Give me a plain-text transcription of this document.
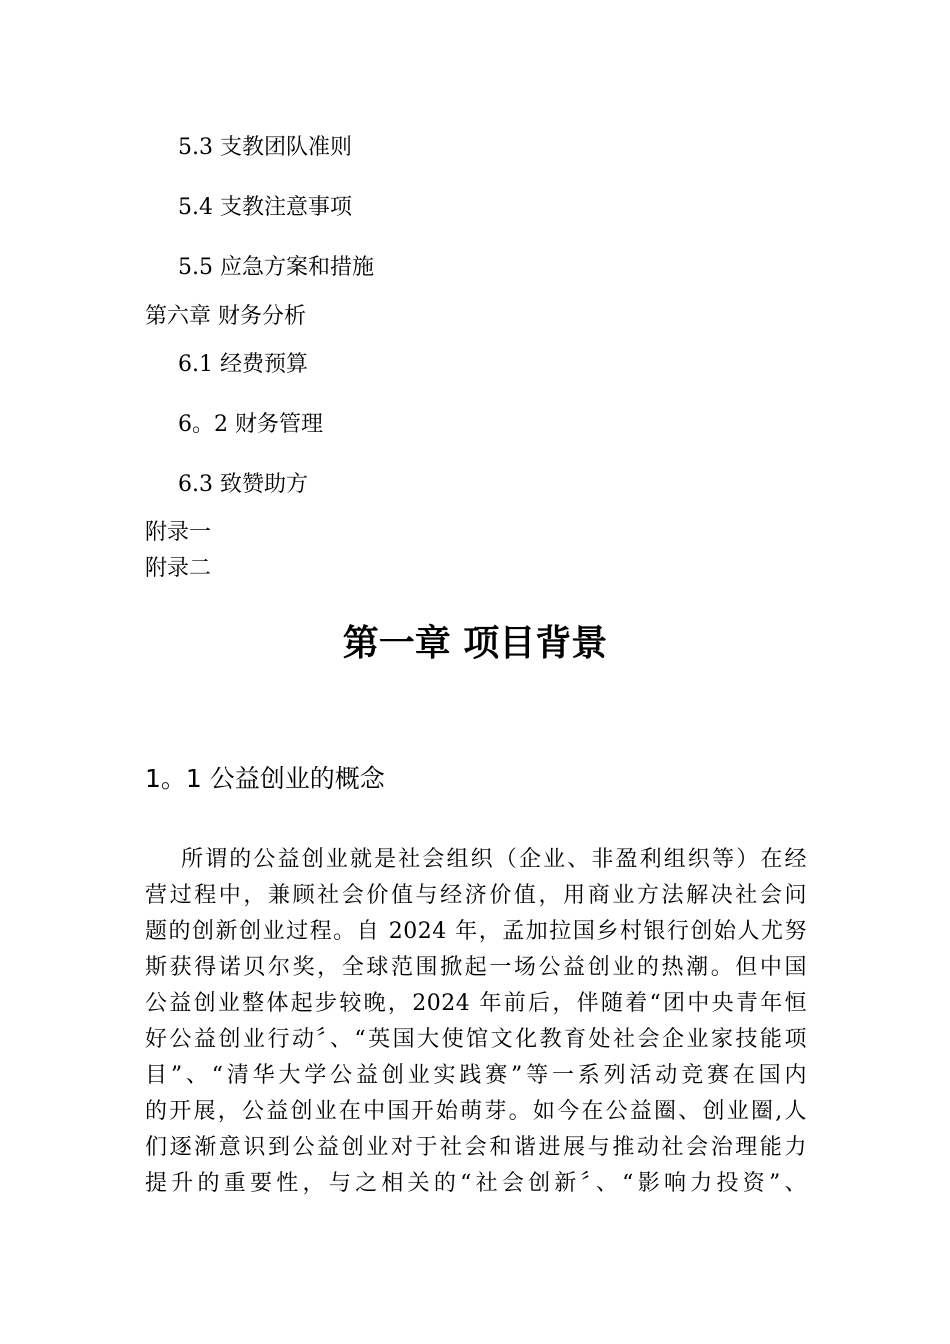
5.3 支教团队准则
5.4 支教注意事项
5.5 应急方案和措施
第六章 财务分析
6.1 经费预算
6。2 财务管理
6.3 致赞助方
附录一
附录二
第一章 项目背景
1。1 公益创业的概念
所谓的公益创业就是社会组织（企业、非盈利组织等）在经
营过程中，兼顾社会价值与经济价值，用商业方法解决社会问
题的创新创业过程。自 2024 年，孟加拉国乡村银行创始人尤努
斯获得诺贝尔奖，全球范围掀起一场公益创业的热潮。但中国
公益创业整体起步较晚，2024 年前后，伴随着“团中央青年恒
好公益创业行动〞、“英国大使馆文化教育处社会企业家技能项
目”、“清华大学公益创业实践赛”等一系列活动竞赛在国内
的开展，公益创业在中国开始萌芽。如今在公益圈、创业圈,人
们逐渐意识到公益创业对于社会和谐进展与推动社会治理能力
提升的重要性，与之相关的“社会创新〞、“影响力投资”、
